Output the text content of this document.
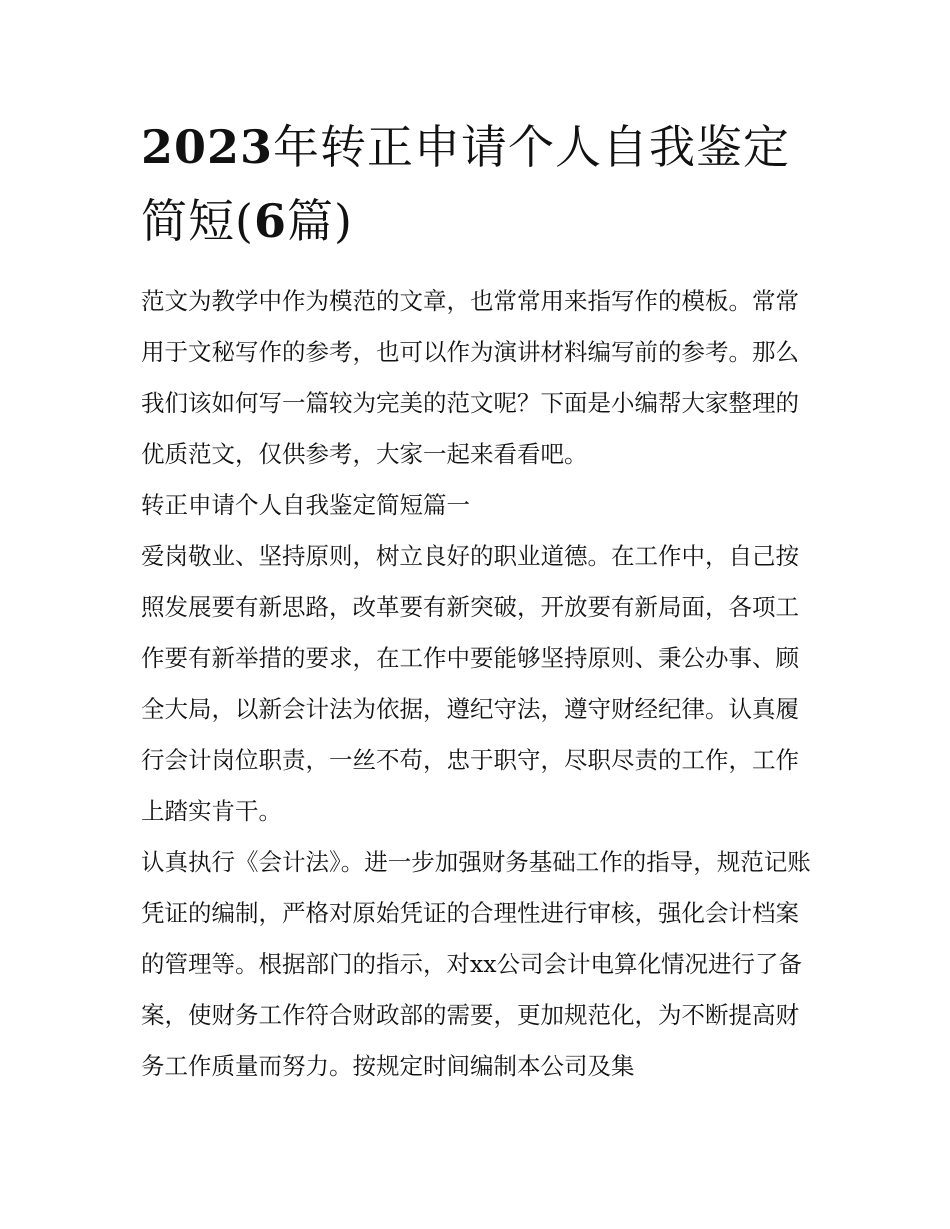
2023年转正申请个人自我鉴定简短(6篇)

范文为教学中作为模范的文章，也常常用来指写作的模板。常常用于文秘写作的参考，也可以作为演讲材料编写前的参考。那么我们该如何写一篇较为完美的范文呢？下面是小编帮大家整理的优质范文，仅供参考，大家一起来看看吧。

转正申请个人自我鉴定简短篇一

爱岗敬业、坚持原则，树立良好的职业道德。在工作中，自己按照发展要有新思路，改革要有新突破，开放要有新局面，各项工作要有新举措的要求，在工作中要能够坚持原则、秉公办事、顾全大局，以新会计法为依据，遵纪守法，遵守财经纪律。认真履行会计岗位职责，一丝不苟，忠于职守，尽职尽责的工作，工作上踏实肯干。

认真执行《会计法》。进一步加强财务基础工作的指导，规范记账凭证的编制，严格对原始凭证的合理性进行审核，强化会计档案的管理等。根据部门的指示，对xx公司会计电算化情况进行了备案，使财务工作符合财政部的需要，更加规范化，为不断提高财务工作质量而努力。按规定时间编制本公司及集
